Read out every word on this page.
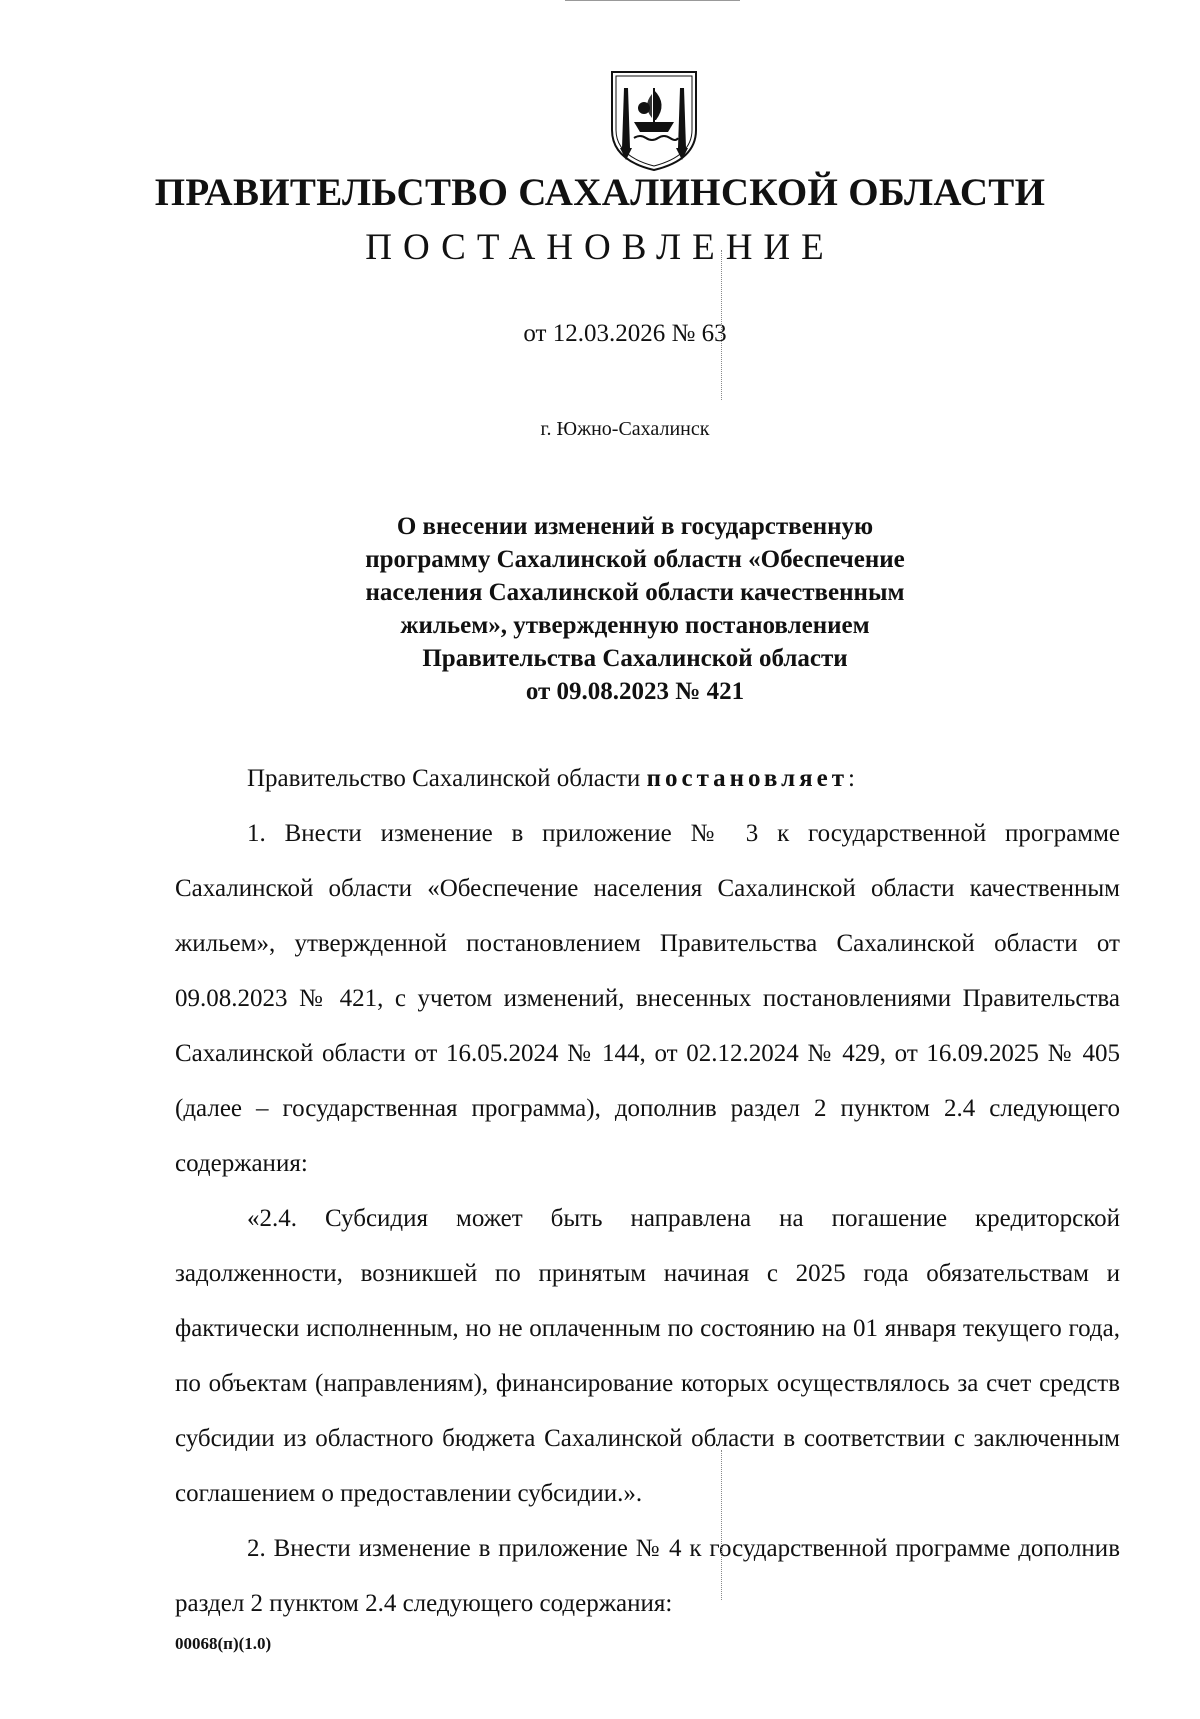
ПРАВИТЕЛЬСТВО САХАЛИНСКОЙ ОБЛАСТИ
ПОСТАНОВЛЕНИЕ
от 12.03.2026 № 63
г. Южно-Сахалинск
О внесении изменений в государственную
программу Сахалинской областн «Обеспечение
населения Сахалинской области качественным
жильем», утвержденную постановлением
Правительства Сахалинской области
от 09.08.2023 № 421

Правительство Сахалинской области постановляет:

1. Внести изменение в приложение № 3 к государственной программе Сахалинской области «Обеспечение населения Сахалинской области качественным жильем», утвержденной постановлением Правительства Сахалинской области от 09.08.2023 № 421, с учетом изменений, внесенных постановлениями Правительства Сахалинской области от 16.05.2024 № 144, от 02.12.2024 № 429, от 16.09.2025 № 405 (далее – государственная программа), дополнив раздел 2 пунктом 2.4 следующего содержания:

«2.4. Субсидия может быть направлена на погашение кредиторской задолженности, возникшей по принятым начиная с 2025 года обязательствам и фактически исполненным, но не оплаченным по состоянию на 01 января текущего года, по объектам (направлениям), финансирование которых осуществлялось за счет средств субсидии из областного бюджета Сахалинской области в соответствии с заключенным соглашением о предоставлении субсидии.».

2. Внести изменение в приложение № 4 к государственной программе дополнив раздел 2 пунктом 2.4 следующего содержания:

00068(п)(1.0)
